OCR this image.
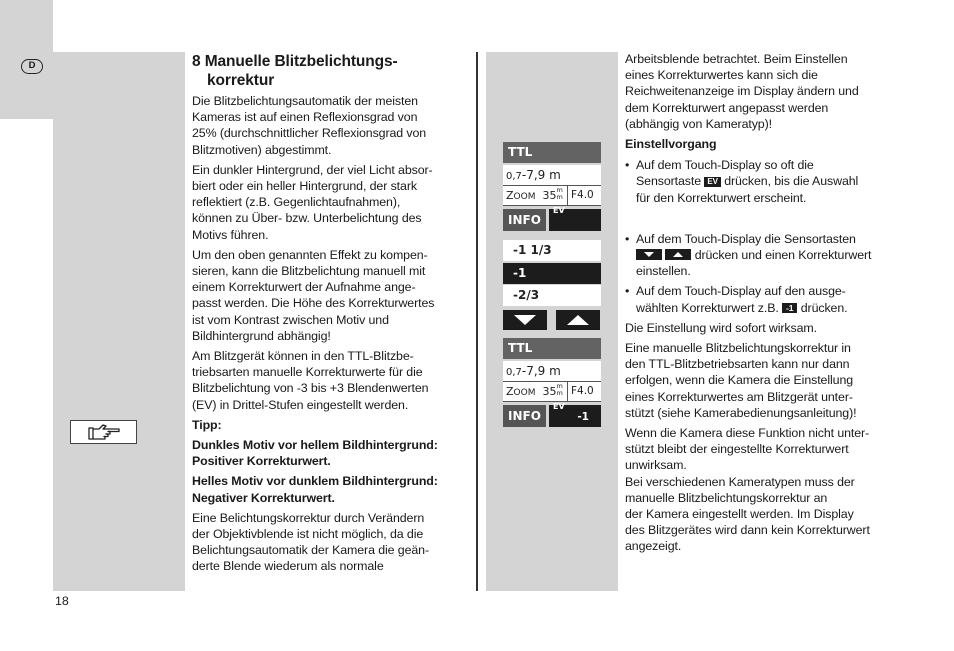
D	8 Manuelle Blitzbelichtungs-
korrektur

Die Blitzbelichtungsautomatik der meisten
Kameras ist auf einen Reflexionsgrad von
25% (durchschnittlicher Reflexionsgrad von
Blitzmotiven) abgestimmt.

Ein dunkler Hintergrund, der viel Licht absor-
biert oder ein heller Hintergrund, der stark
reflektiert (z.B. Gegenlichtaufnahmen),
können zu Über- bzw. Unterbelichtung des
Motivs führen.

Um den oben genannten Effekt zu kompen-
sieren, kann die Blitzbelichtung manuell mit
einem Korrekturwert der Aufnahme ange-
passt werden. Die Höhe des Korrekturwertes
ist vom Kontrast zwischen Motiv und
Bildhintergrund abhängig!

Am Blitzgerät können in den TTL-Blitzbe-
triebsarten manuelle Korrekturwerte für die
Blitzbelichtung von -3 bis +3 Blendenwerten
(EV) in Drittel-Stufen eingestellt werden.

Tipp:

Dunkles Motiv vor hellem Bildhintergrund:
Positiver Korrekturwert.

Helles Motiv vor dunklem Bildhintergrund:
Negativer Korrekturwert.

Eine Belichtungskorrektur durch Verändern
der Objektivblende ist nicht möglich, da die
Belichtungsautomatik der Kamera die geän-
derte Blende wiederum als normale

TTL
0,7-7,9 m
ZOOM 35m
m F4.0
INFO
EV
-1 1/3
-1
-2/3
TTL
0,7-7,9 m
ZOOM 35m
m F4.0
INFO
EV
-1

Arbeitsblende betrachtet. Beim Einstellen
eines Korrekturwertes kann sich die
Reichweitenanzeige im Display ändern und
dem Korrekturwert angepasst werden
(abhängig von Kameratyp)!

Einstellvorgang

• Auf dem Touch-Display so oft die
Sensortaste EV drücken, bis die Auswahl
für den Korrekturwert erscheint.
• Auf dem Touch-Display die Sensortasten

drücken und einen Korrekturwert
einstellen.
• Auf dem Touch-Display auf den ausge-
wählten Korrekturwert z.B. -1 drücken.

Die Einstellung wird sofort wirksam.

Eine manuelle Blitzbelichtungskorrektur in
den TTL-Blitzbetriebsarten kann nur dann
erfolgen, wenn die Kamera die Einstellung
eines Korrekturwertes am Blitzgerät unter-
stützt (siehe Kamerabedienungsanleitung)!

Wenn die Kamera diese Funktion nicht unter-
stützt bleibt der eingestellte Korrekturwert
unwirksam.
Bei verschiedenen Kameratypen muss der
manuelle Blitzbelichtungskorrektur an
der Kamera eingestellt werden. Im Display
des Blitzgerätes wird dann kein Korrekturwert
angezeigt.

18
